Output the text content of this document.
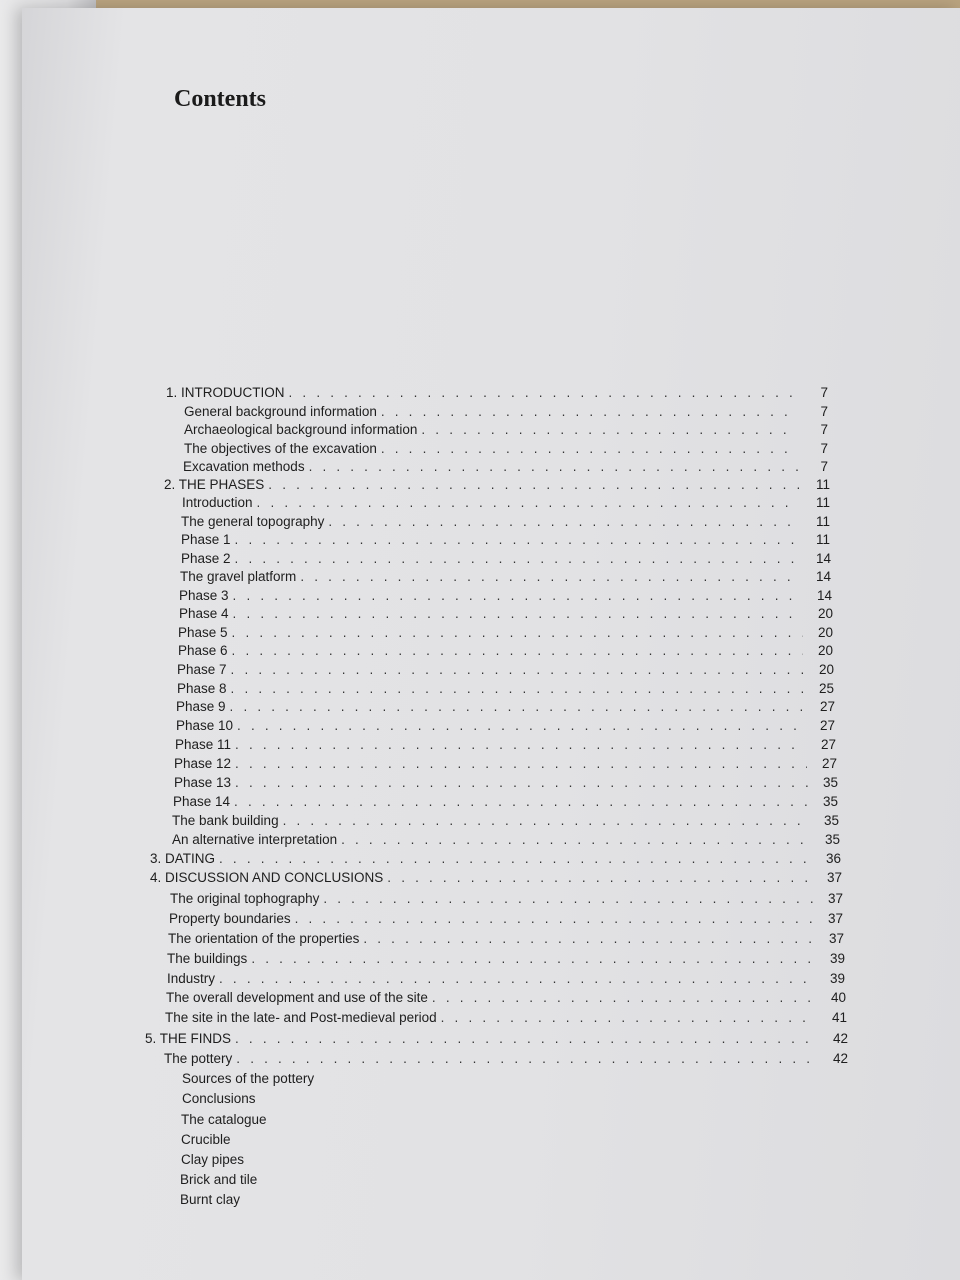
Contents
1. INTRODUCTION . . .	7
General background information . . .	7
Archaeological background information . . .	7
The objectives of the excavation . . .	7
Excavation methods . . .	7
2. THE PHASES . . .	11
Introduction . . .	11
The general topography . . .	11
Phase 1 . . .	11
Phase 2 . . .	14
The gravel platform . . .	14
Phase 3 . . .	14
Phase 4 . . .	20
Phase 5 . . .	20
Phase 6 . . .	20
Phase 7 . . .	20
Phase 8 . . .	25
Phase 9 . . .	27
Phase 10 . . .	27
Phase 11 . . .	27
Phase 12 . . .	27
Phase 13 . . .	35
Phase 14 . . .	35
The bank building . . .	35
An alternative interpretation . . .	35
3. DATING . . .	36
4. DISCUSSION AND CONCLUSIONS . . .	37
The original tophography . . .	37
Property boundaries . . .	37
The orientation of the properties . . .	37
The buildings . . .	39
Industry . . .	39
The overall development and use of the site . . .	40
The site in the late- and Post-medieval period . . .	41
5. THE FINDS . . .	42
The pottery . . .	42
Sources of the pottery
Conclusions
The catalogue
Crucible
Clay pipes
Brick and tile
Burnt clay
